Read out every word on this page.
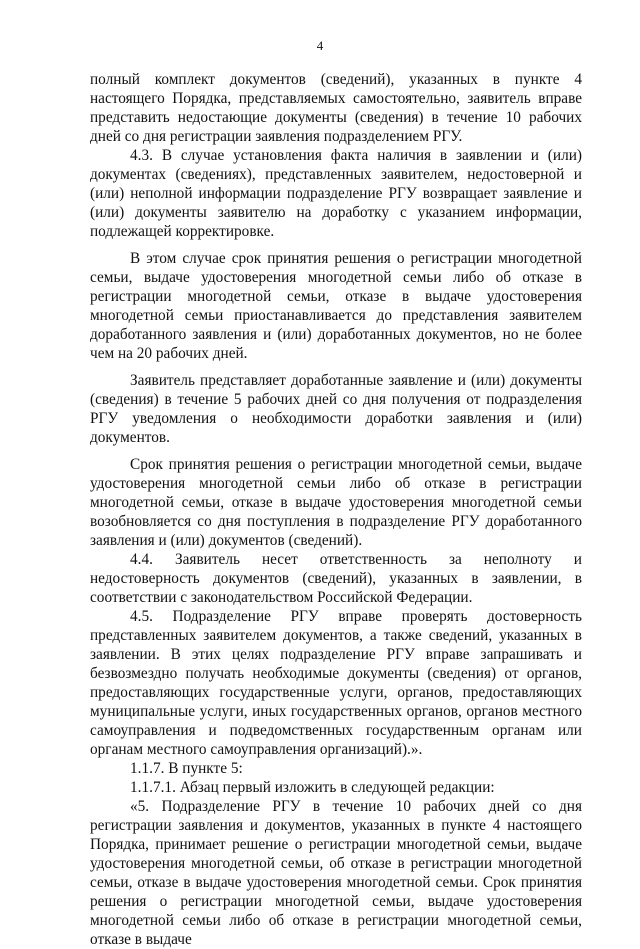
4

полный комплект документов (сведений), указанных в пункте 4 настоящего Порядка, представляемых самостоятельно, заявитель вправе представить недостающие документы (сведения) в течение 10 рабочих дней со дня регистрации заявления подразделением РГУ.

4.3. В случае установления факта наличия в заявлении и (или) документах (сведениях), представленных заявителем, недостоверной и (или) неполной информации подразделение РГУ возвращает заявление и (или) документы заявителю на доработку с указанием информации, подлежащей корректировке.

В этом случае срок принятия решения о регистрации многодетной семьи, выдаче удостоверения многодетной семьи либо об отказе в регистрации многодетной семьи, отказе в выдаче удостоверения многодетной семьи приостанавливается до представления заявителем доработанного заявления и (или) доработанных документов, но не более чем на 20 рабочих дней.

Заявитель представляет доработанные заявление и (или) документы (сведения) в течение 5 рабочих дней со дня получения от подразделения РГУ уведомления о необходимости доработки заявления и (или) документов.

Срок принятия решения о регистрации многодетной семьи, выдаче удостоверения многодетной семьи либо об отказе в регистрации многодетной семьи, отказе в выдаче удостоверения многодетной семьи возобновляется со дня поступления в подразделение РГУ доработанного заявления и (или) документов (сведений).

4.4. Заявитель несет ответственность за неполноту и недостоверность документов (сведений), указанных в заявлении, в соответствии с законодательством Российской Федерации.

4.5. Подразделение РГУ вправе проверять достоверность представленных заявителем документов, а также сведений, указанных в заявлении. В этих целях подразделение РГУ вправе запрашивать и безвозмездно получать необходимые документы (сведения) от органов, предоставляющих государственные услуги, органов, предоставляющих муниципальные услуги, иных государственных органов, органов местного самоуправления и подведомственных государственным органам или органам местного самоуправления организаций).».

1.1.7. В пункте 5:

1.1.7.1. Абзац первый изложить в следующей редакции:

«5. Подразделение РГУ в течение 10 рабочих дней со дня регистрации заявления и документов, указанных в пункте 4 настоящего Порядка, принимает решение о регистрации многодетной семьи, выдаче удостоверения многодетной семьи, об отказе в регистрации многодетной семьи, отказе в выдаче удостоверения многодетной семьи. Срок принятия решения о регистрации многодетной семьи, выдаче удостоверения многодетной семьи либо об отказе в регистрации многодетной семьи, отказе в выдаче
